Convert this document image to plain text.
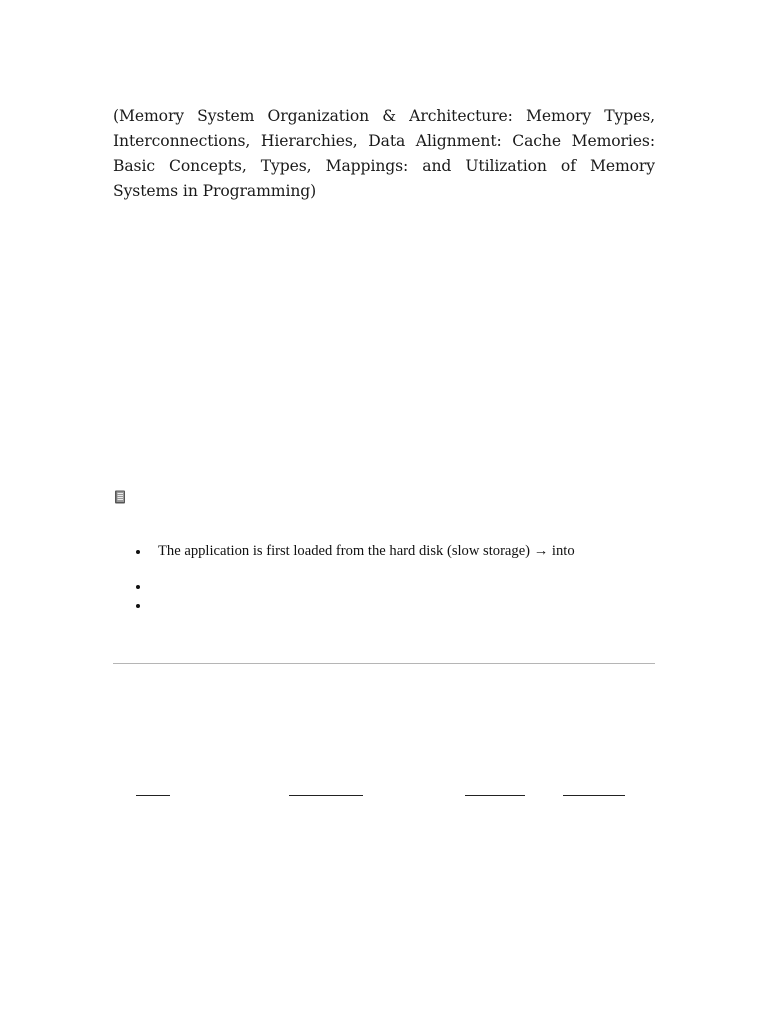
(Memory System Organization & Architecture: Memory Types, Interconnections, Hierarchies, Data Alignment: Cache Memories: Basic Concepts, Types, Mappings: and Utilization of Memory Systems in Programming)

The application is first loaded from the hard disk (slow storage) → into
